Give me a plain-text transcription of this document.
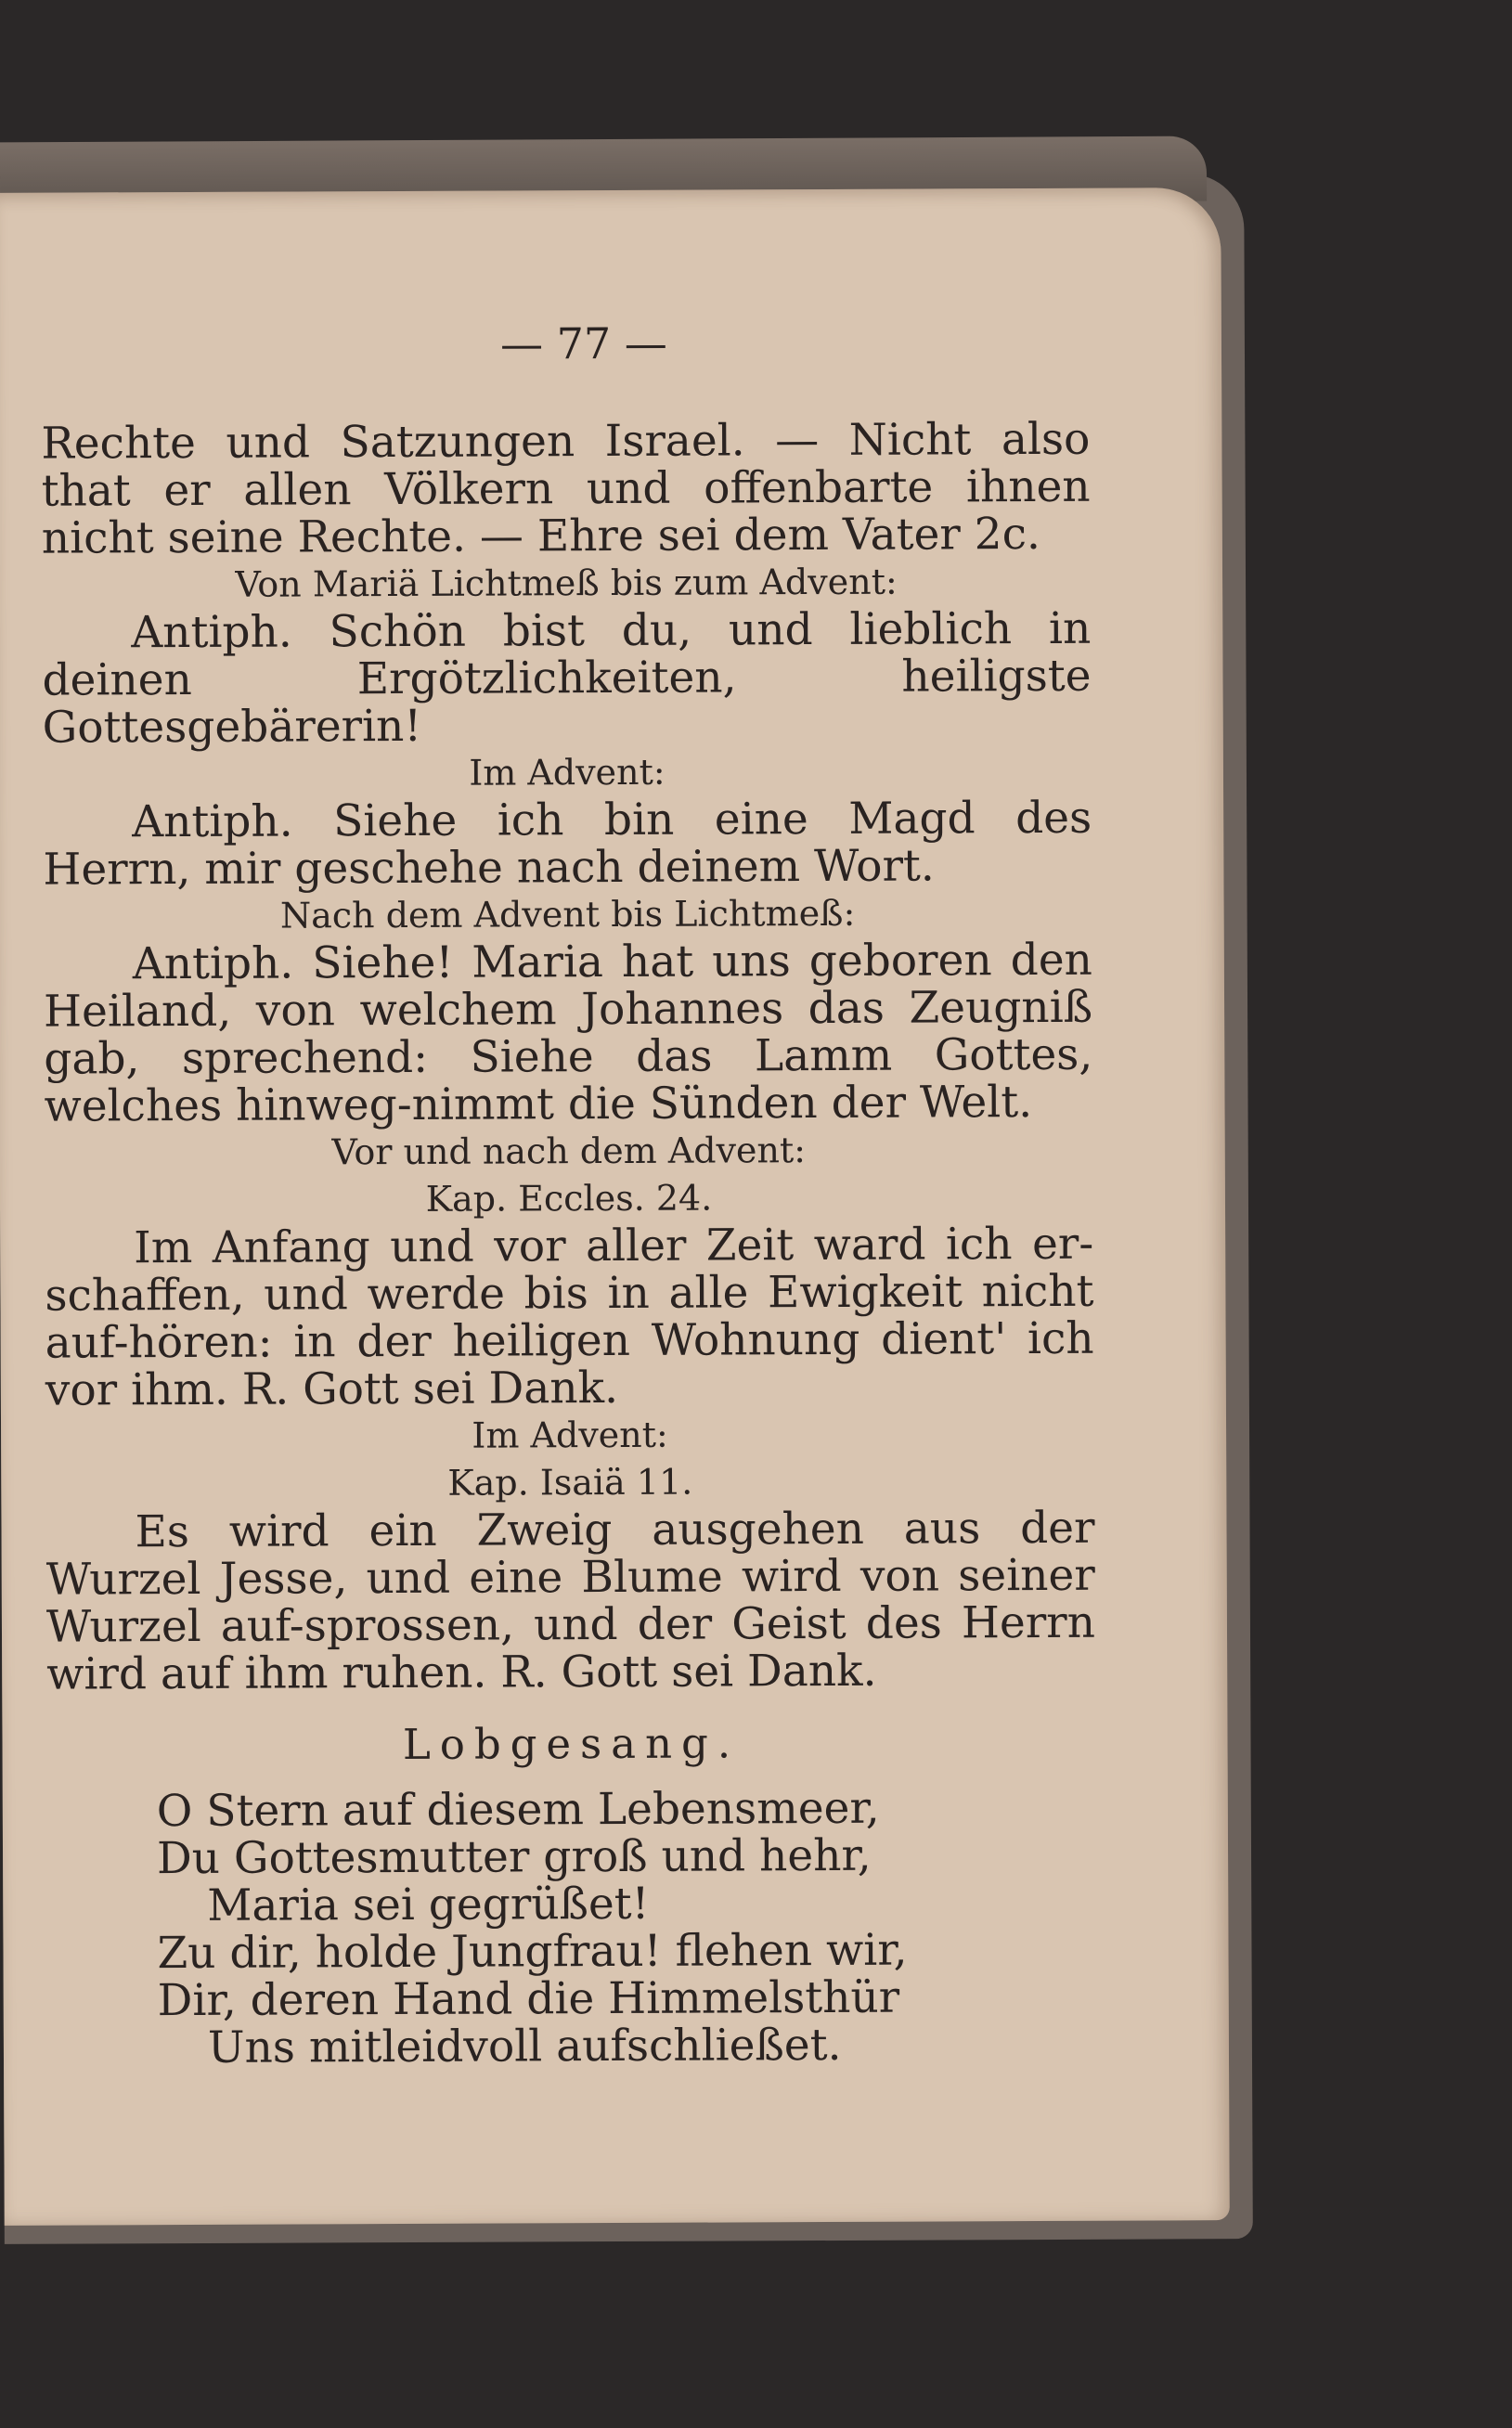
— 77 —

Rechte und Satzungen Israel. — Nicht also that er allen Völkern und offenbarte ihnen nicht seine Rechte. — Ehre sei dem Vater 2c.

Von Mariä Lichtmeß bis zum Advent:

Antiph. Schön bist du, und lieblich in deinen Ergötzlichkeiten, heiligste Gottesgebärerin!

Im Advent:

Antiph. Siehe ich bin eine Magd des Herrn, mir geschehe nach deinem Wort.

Nach dem Advent bis Lichtmeß:

Antiph. Siehe! Maria hat uns geboren den Heiland, von welchem Johannes das Zeugniß gab, sprechend: Siehe das Lamm Gottes, welches hinweg-nimmt die Sünden der Welt.

Vor und nach dem Advent:

Kap. Eccles. 24.

Im Anfang und vor aller Zeit ward ich er-schaffen, und werde bis in alle Ewigkeit nicht auf-hören: in der heiligen Wohnung dient' ich vor ihm. R. Gott sei Dank.

Im Advent:

Kap. Isaiä 11.

Es wird ein Zweig ausgehen aus der Wurzel Jesse, und eine Blume wird von seiner Wurzel auf-sprossen, und der Geist des Herrn wird auf ihm ruhen. R. Gott sei Dank.

Lobgesang.

O Stern auf diesem Lebensmeer,
Du Gottesmutter groß und hehr,
Maria sei gegrüßet!
Zu dir, holde Jungfrau! flehen wir,
Dir, deren Hand die Himmelsthür
Uns mitleidvoll aufschließet.
